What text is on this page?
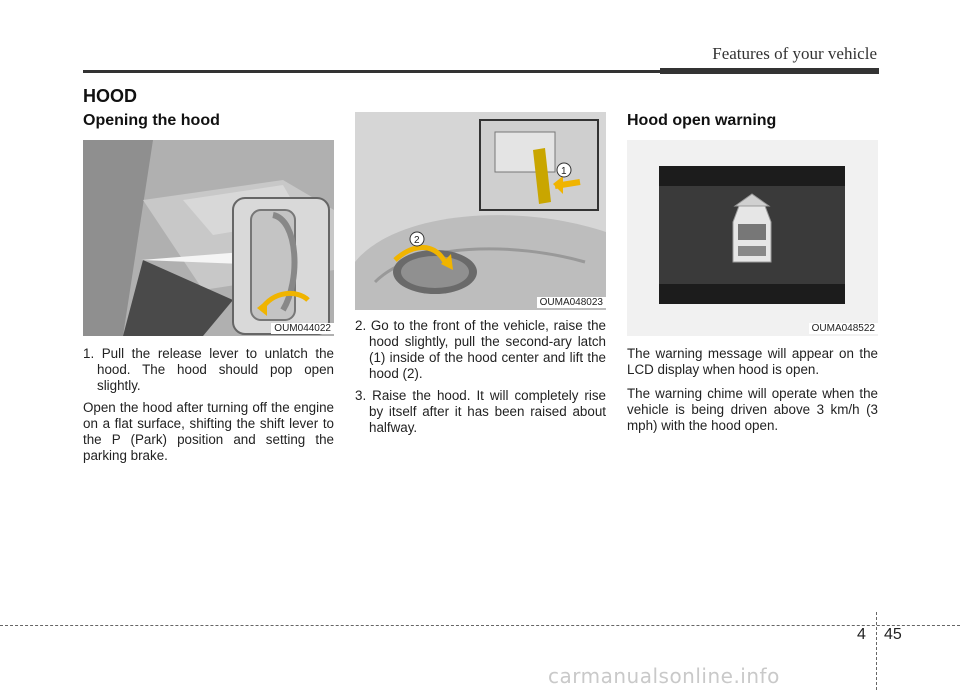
Features of your vehicle
HOOD
Opening the hood
OUM044022

1. Pull the release lever to unlatch the hood. The hood should pop open slightly.

Open the hood after turning off the engine on a flat surface, shifting the shift lever to the P (Park) position and setting the parking brake.

2
1
OUMA048023

2. Go to the front of the vehicle, raise the hood slightly, pull the second-ary latch (1) inside of the hood center and lift the hood (2).

3. Raise the hood. It will completely rise by itself after it has been raised about halfway.

Hood open warning
OUMA048522

The warning message will appear on the LCD display when hood is open.

The warning chime will operate when the vehicle is being driven above 3 km/h (3 mph) with the hood open.

4 45
carmanualsonline.info
